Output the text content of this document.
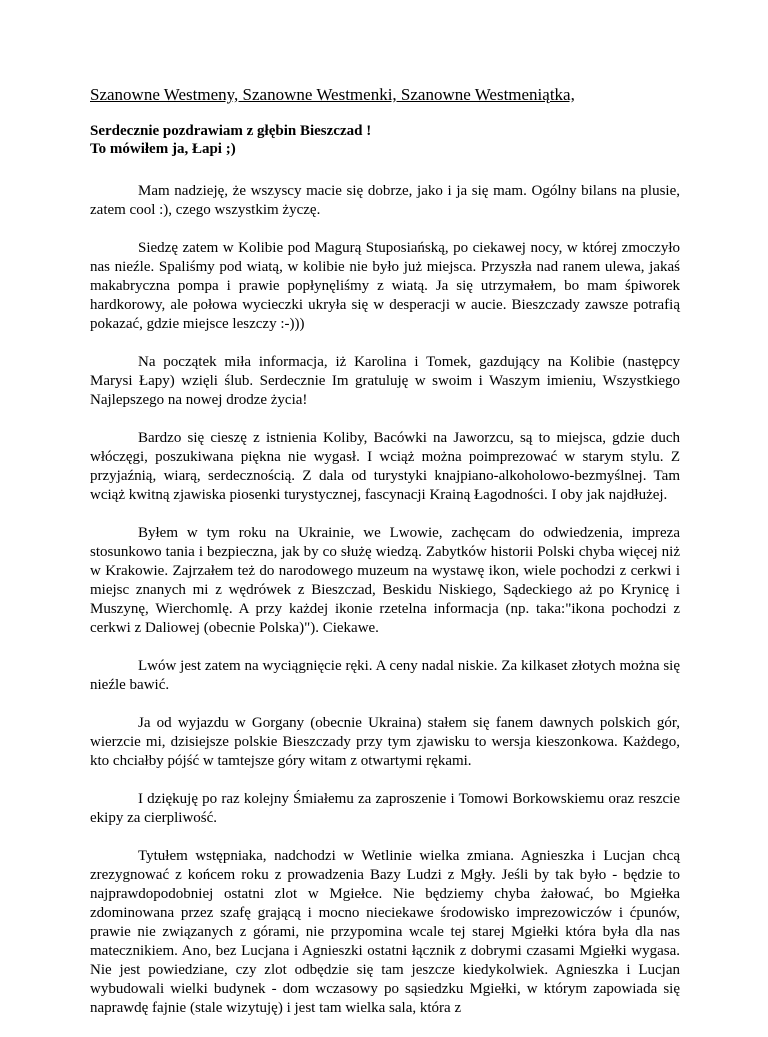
Szanowne Westmeny, Szanowne Westmenki, Szanowne Westmeniątka,
Serdecznie pozdrawiam z głębin Bieszczad !
To mówiłem ja, Łapi ;)

Mam nadzieję, że wszyscy macie się dobrze, jako i ja się mam. Ogólny bilans na plusie, zatem cool :), czego wszystkim życzę.

Siedzę zatem w Kolibie pod Magurą Stuposiańską, po ciekawej nocy, w której zmoczyło nas nieźle. Spaliśmy pod wiatą, w kolibie nie było już miejsca. Przyszła nad ranem ulewa, jakaś makabryczna pompa i prawie popłynęliśmy z wiatą. Ja się utrzymałem, bo mam śpiworek hardkorowy, ale połowa wycieczki ukryła się w desperacji w aucie. Bieszczady zawsze potrafią pokazać, gdzie miejsce leszczy :-)))

Na początek miła informacja, iż Karolina i Tomek, gazdujący na Kolibie (następcy Marysi Łapy) wzięli ślub. Serdecznie Im gratuluję w swoim i Waszym imieniu, Wszystkiego Najlepszego na nowej drodze życia!

Bardzo się cieszę z istnienia Koliby, Bacówki na Jaworzcu, są to miejsca, gdzie duch włóczęgi, poszukiwana piękna nie wygasł. I wciąż można poimprezować w starym stylu. Z przyjaźnią, wiarą, serdecznością. Z dala od turystyki knajpiano-alkoholowo-bezmyślnej. Tam wciąż kwitną zjawiska piosenki turystycznej, fascynacji Krainą Łagodności. I oby jak najdłużej.

Byłem w tym roku na Ukrainie, we Lwowie, zachęcam do odwiedzenia, impreza stosunkowo tania i bezpieczna, jak by co służę wiedzą. Zabytków historii Polski chyba więcej niż w Krakowie. Zajrzałem też do narodowego muzeum na wystawę ikon, wiele pochodzi z cerkwi i miejsc znanych mi z wędrówek z Bieszczad, Beskidu Niskiego, Sądeckiego aż po Krynicę i Muszynę, Wierchomlę. A przy każdej ikonie rzetelna informacja (np. taka:"ikona pochodzi z cerkwi z Daliowej (obecnie Polska)"). Ciekawe.

Lwów jest zatem na wyciągnięcie ręki. A ceny nadal niskie. Za kilkaset złotych można się nieźle bawić.

Ja od wyjazdu w Gorgany (obecnie Ukraina) stałem się fanem dawnych polskich gór, wierzcie mi, dzisiejsze polskie Bieszczady przy tym zjawisku to wersja kieszonkowa. Każdego, kto chciałby pójść w tamtejsze góry witam z otwartymi rękami.

I dziękuję po raz kolejny Śmiałemu za zaproszenie i Tomowi Borkowskiemu oraz reszcie ekipy za cierpliwość.

Tytułem wstępniaka, nadchodzi w Wetlinie wielka zmiana. Agnieszka i Lucjan chcą zrezygnować z końcem roku z prowadzenia Bazy Ludzi z Mgły. Jeśli by tak było - będzie to najprawdopodobniej ostatni zlot w Mgiełce. Nie będziemy chyba żałować, bo Mgiełka zdominowana przez szafę grającą i mocno nieciekawe środowisko imprezowiczów i ćpunów, prawie nie związanych z górami, nie przypomina wcale tej starej Mgiełki która była dla nas matecznikiem. Ano, bez Lucjana i Agnieszki ostatni łącznik z dobrymi czasami Mgiełki wygasa. Nie jest powiedziane, czy zlot odbędzie się tam jeszcze kiedykolwiek. Agnieszka i Lucjan wybudowali wielki budynek - dom wczasowy po sąsiedzku Mgiełki, w którym zapowiada się naprawdę fajnie (stale wizytuję) i jest tam wielka sala, która z
